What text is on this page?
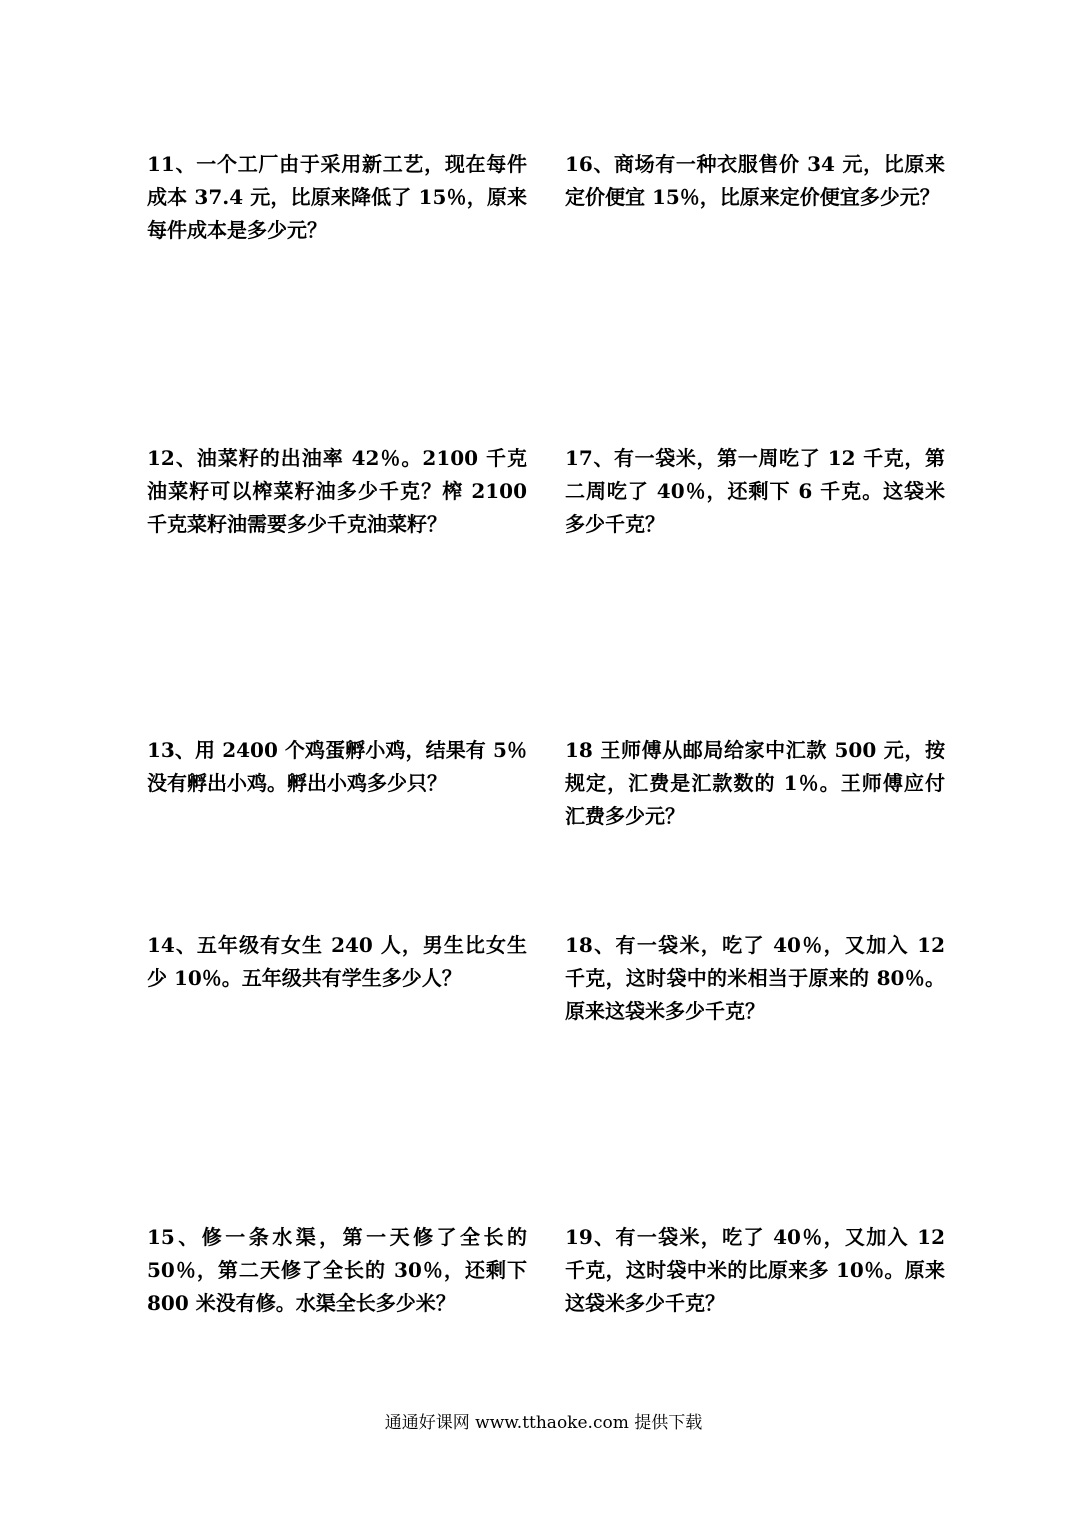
11、一个工厂由于采用新工艺，现在每件成本 37.4 元，比原来降低了 15％，原来每件成本是多少元？

12、油菜籽的出油率 42％。2100 千克油菜籽可以榨菜籽油多少千克？榨 2100 千克菜籽油需要多少千克油菜籽？

13、用 2400 个鸡蛋孵小鸡，结果有 5％没有孵出小鸡。孵出小鸡多少只？

14、五年级有女生 240 人，男生比女生少 10％。五年级共有学生多少人？

15、修一条水渠，第一天修了全长的 50％，第二天修了全长的 30％，还剩下 800 米没有修。水渠全长多少米？

16、商场有一种衣服售价 34 元，比原来定价便宜 15％，比原来定价便宜多少元？

17、有一袋米，第一周吃了 12 千克，第二周吃了 40％，还剩下 6 千克。这袋米多少千克？

18 王师傅从邮局给家中汇款 500 元，按规定，汇费是汇款数的 1％。王师傅应付汇费多少元？

18、有一袋米，吃了 40％，又加入 12 千克，这时袋中的米相当于原来的 80％。原来这袋米多少千克？

19、有一袋米，吃了 40％，又加入 12 千克，这时袋中米的比原来多 10％。原来这袋米多少千克？

通通好课网 www.tthaoke.com 提供下载
